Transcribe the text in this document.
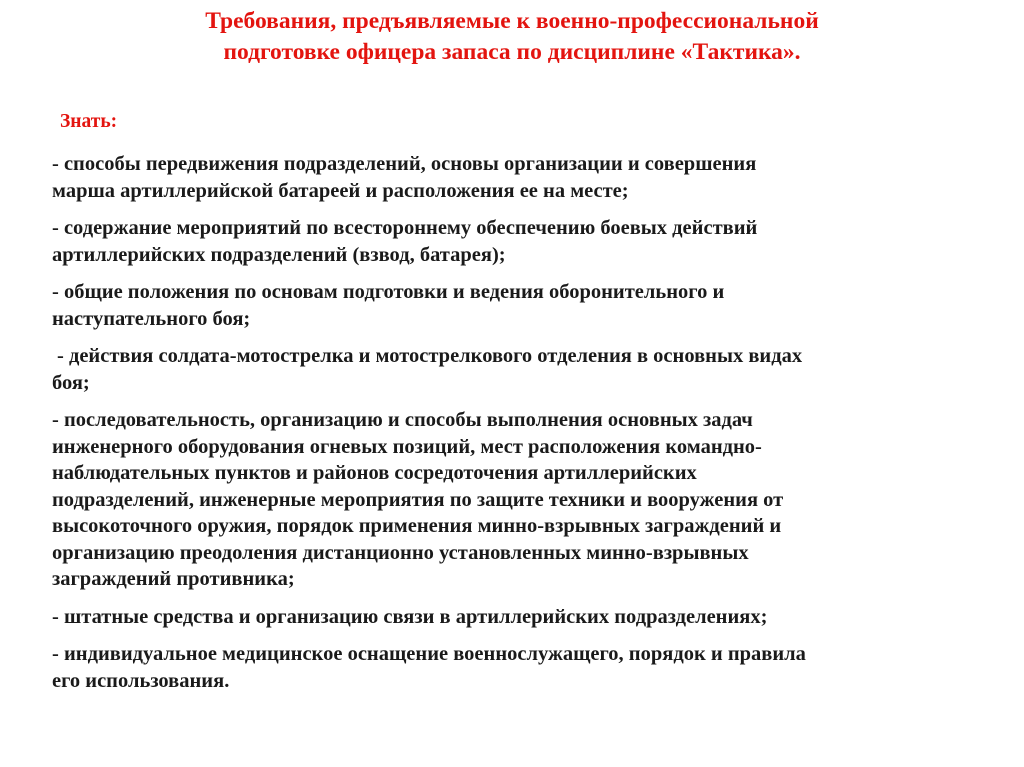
Требования, предъявляемые к военно-профессиональной
подготовке офицера запаса по дисциплине «Тактика».
Знать:
- способы передвижения подразделений, основы организации и совершения
марша артиллерийской батареей и расположения ее на месте;
- содержание мероприятий по всестороннему обеспечению боевых действий
артиллерийских подразделений (взвод, батарея);
- общие положения по основам подготовки и ведения оборонительного и
наступательного боя;
- действия солдата-мотострелка и мотострелкового отделения в основных видах
боя;
- последовательность, организацию и способы выполнения основных задач
инженерного оборудования огневых позиций, мест расположения командно-
наблюдательных пунктов и районов сосредоточения артиллерийских
подразделений, инженерные мероприятия по защите техники и вооружения от
высокоточного оружия, порядок применения минно-взрывных заграждений и
организацию преодоления дистанционно установленных минно-взрывных
заграждений противника;
- штатные средства и организацию связи в артиллерийских подразделениях;
- индивидуальное медицинское оснащение военнослужащего, порядок и правила
его использования.
